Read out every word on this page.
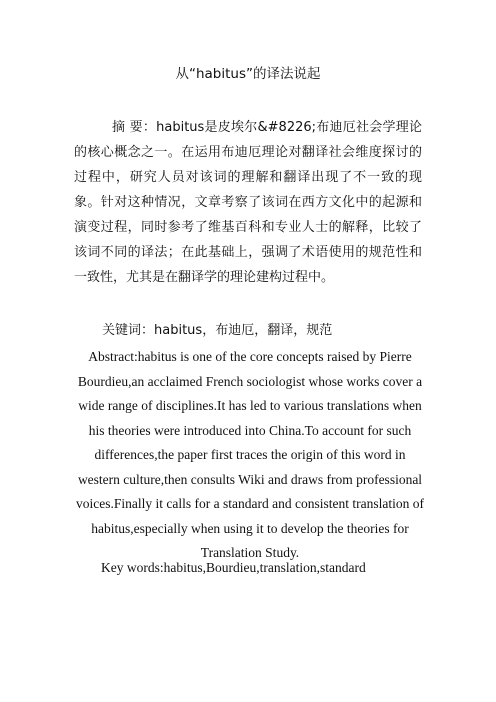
从“habitus”的译法说起
摘 要：habitus是皮埃尔&#8226;布迪厄社会学理论的核心概念之一。在运用布迪厄理论对翻译社会维度探讨的过程中，研究人员对该词的理解和翻译出现了不一致的现象。针对这种情况，文章考察了该词在西方文化中的起源和演变过程，同时参考了维基百科和专业人士的解释，比较了该词不同的译法；在此基础上，强调了术语使用的规范性和一致性，尤其是在翻译学的理论建构过程中。
关键词：habitus，布迪厄，翻译，规范
Abstract:habitus is one of the core concepts raised by Pierre Bourdieu,an acclaimed French sociologist whose works cover a wide range of disciplines.It has led to various translations when his theories were introduced into China.To account for such differences,the paper first traces the origin of this word in western culture,then consults Wiki and draws from professional voices.Finally it calls for a standard and consistent translation of habitus,especially when using it to develop the theories for Translation Study.
Key words:habitus,Bourdieu,translation,standard
